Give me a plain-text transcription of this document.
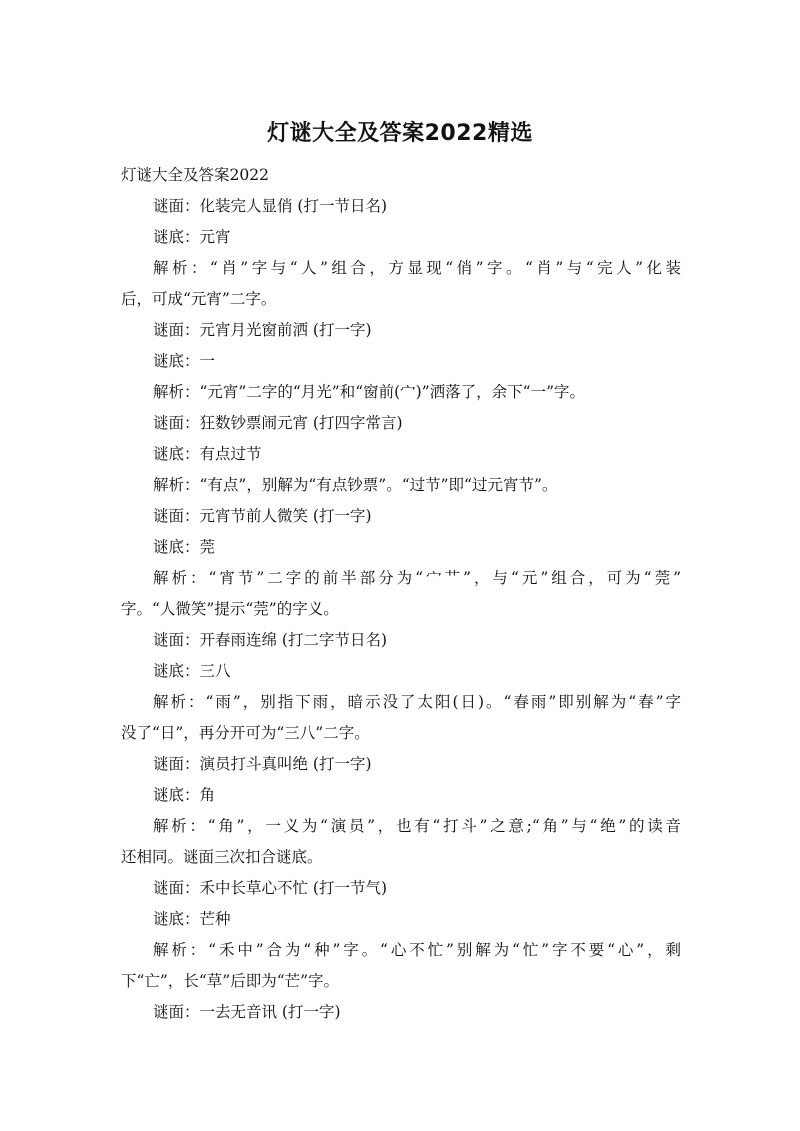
灯谜大全及答案2022精选
灯谜大全及答案2022
谜面：化装完人显俏 (打一节日名)
谜底：元宵
解析：“肖”字与“人”组合，方显现“俏”字。“肖”与“完人”化装
后，可成“元宵”二字。
谜面：元宵月光窗前洒 (打一字)
谜底：一
解析：“元宵”二字的“月光”和“窗前(宀)”洒落了，余下“一”字。
谜面：狂数钞票闹元宵 (打四字常言)
谜底：有点过节
解析：“有点”，别解为“有点钞票”。“过节”即“过元宵节”。
谜面：元宵节前人微笑 (打一字)
谜底：莞
解析：“宵节”二字的前半部分为“宀艹”，与“元”组合，可为“莞”
字。“人微笑”提示“莞”的字义。
谜面：开春雨连绵 (打二字节日名)
谜底：三八
解析：“雨”，别指下雨，暗示没了太阳(日)。“春雨”即别解为“春”字
没了“日”，再分开可为“三八”二字。
谜面：演员打斗真叫绝 (打一字)
谜底：角
解析：“角”，一义为“演员”，也有“打斗”之意;“角”与“绝”的读音
还相同。谜面三次扣合谜底。
谜面：禾中长草心不忙 (打一节气)
谜底：芒种
解析：“禾中”合为“种”字。“心不忙”别解为“忙”字不要“心”，剩
下“亡”，长“草”后即为“芒”字。
谜面：一去无音讯 (打一字)
